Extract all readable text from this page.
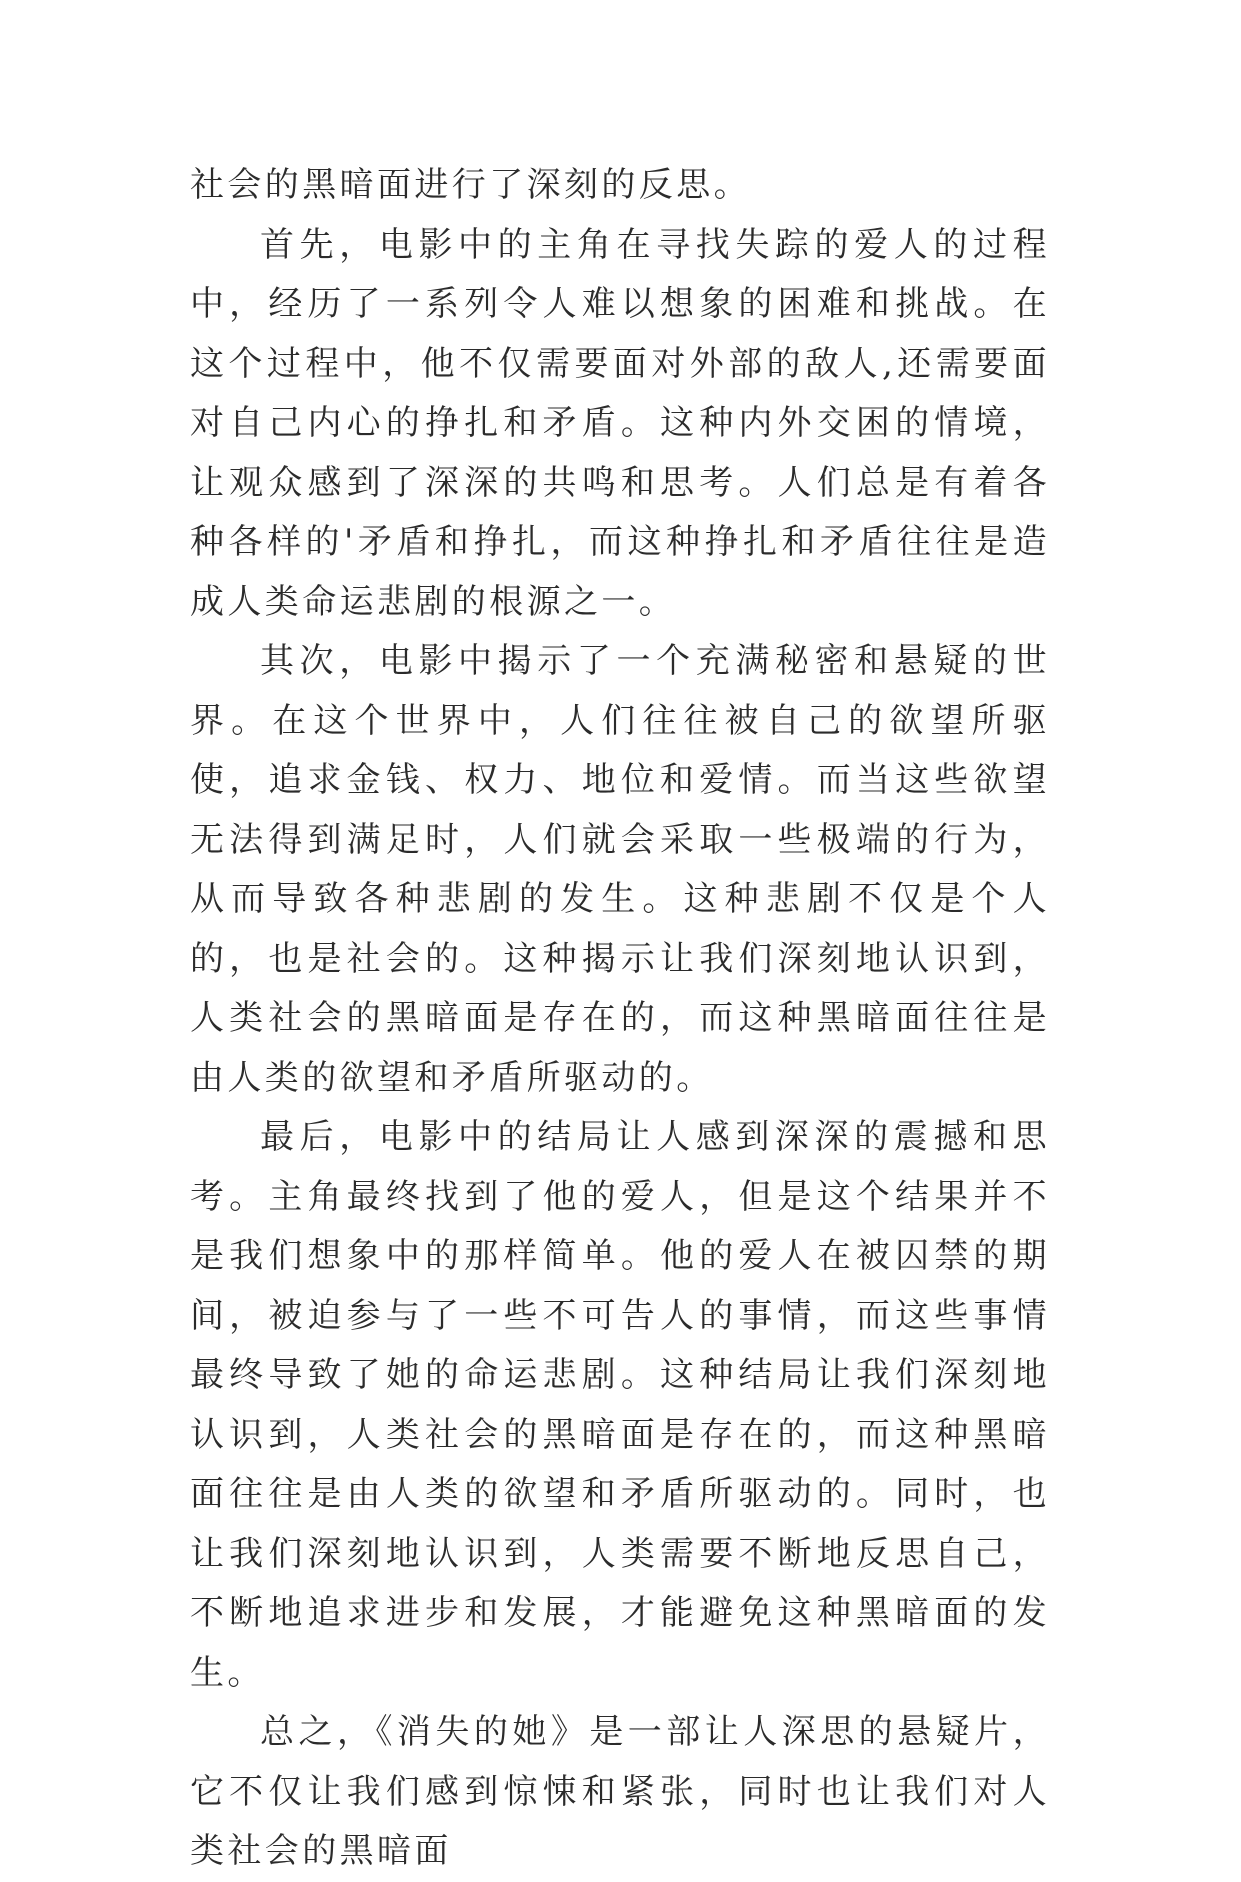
社会的黑暗面进行了深刻的反思。

首先，电影中的主角在寻找失踪的爱人的过程中，经历了一系列令人难以想象的困难和挑战。在这个过程中，他不仅需要面对外部的敌人,还需要面对自己内心的挣扎和矛盾。这种内外交困的情境，让观众感到了深深的共鸣和思考。人们总是有着各种各样的'矛盾和挣扎，而这种挣扎和矛盾往往是造成人类命运悲剧的根源之一。

其次，电影中揭示了一个充满秘密和悬疑的世界。在这个世界中，人们往往被自己的欲望所驱使，追求金钱、权力、地位和爱情。而当这些欲望无法得到满足时，人们就会采取一些极端的行为，从而导致各种悲剧的发生。这种悲剧不仅是个人的，也是社会的。这种揭示让我们深刻地认识到，人类社会的黑暗面是存在的，而这种黑暗面往往是由人类的欲望和矛盾所驱动的。

最后，电影中的结局让人感到深深的震撼和思考。主角最终找到了他的爱人，但是这个结果并不是我们想象中的那样简单。他的爱人在被囚禁的期间，被迫参与了一些不可告人的事情，而这些事情最终导致了她的命运悲剧。这种结局让我们深刻地认识到，人类社会的黑暗面是存在的，而这种黑暗面往往是由人类的欲望和矛盾所驱动的。同时，也让我们深刻地认识到，人类需要不断地反思自己，不断地追求进步和发展，才能避免这种黑暗面的发生。

总之，《消失的她》是一部让人深思的悬疑片，它不仅让我们感到惊悚和紧张，同时也让我们对人类社会的黑暗面
